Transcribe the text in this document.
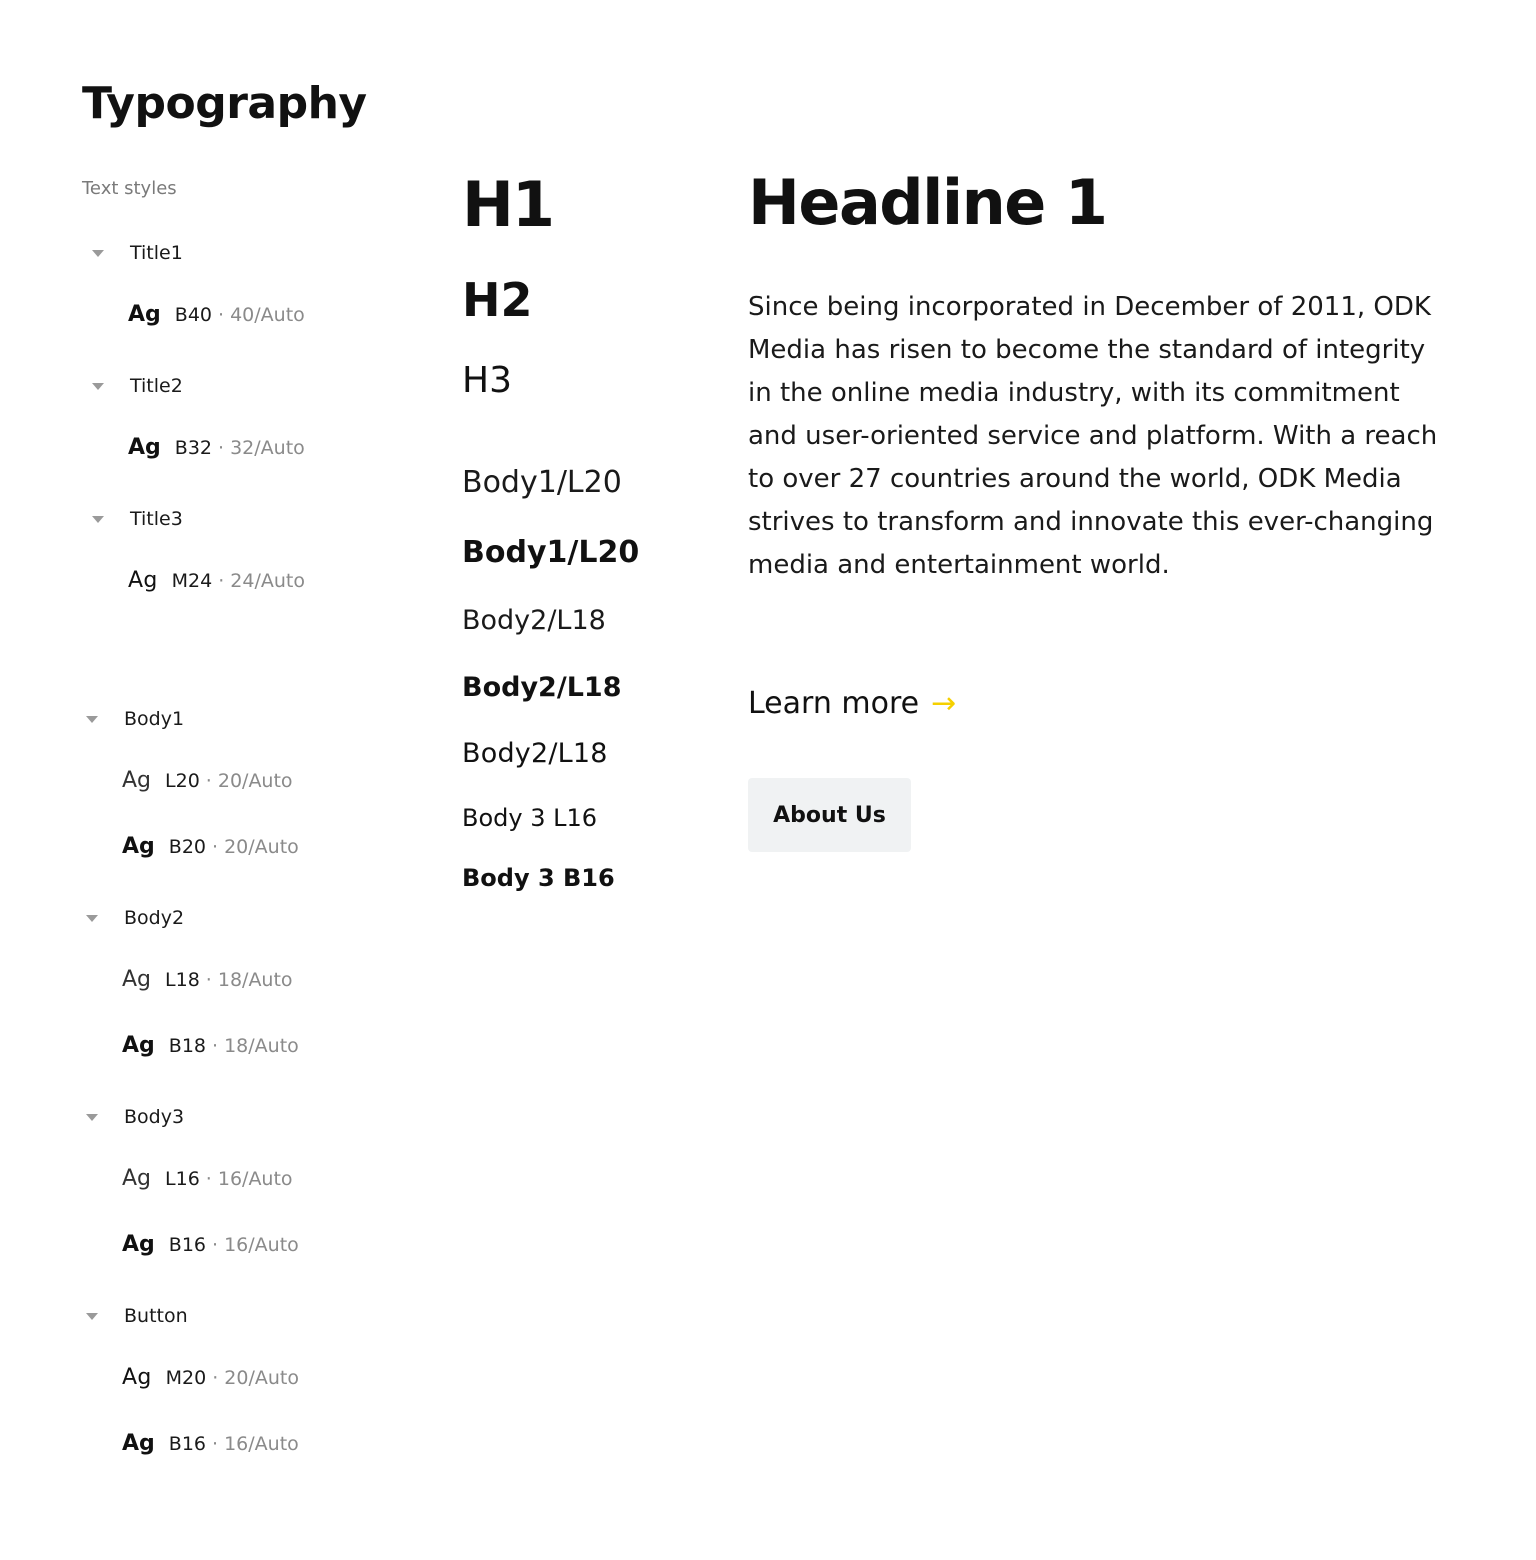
Typography
Text styles
Title1
Ag B40 · 40/Auto
Title2
Ag B32 · 32/Auto
Title3
Ag M24 · 24/Auto
Body1
Ag L20 · 20/Auto
Ag B20 · 20/Auto
Body2
Ag L18 · 18/Auto
Ag B18 · 18/Auto
Body3
Ag L16 · 16/Auto
Ag B16 · 16/Auto
Button
Ag M20 · 20/Auto
Ag B16 · 16/Auto
H1
H2
H3
Body1/L20
Body1/L20
Body2/L18
Body2/L18
Body2/L18
Body 3 L16
Body 3 B16
Headline 1

Since being incorporated in December of 2011, ODK Media has risen to become the standard of integrity in the online media industry, with its commitment and user-oriented service and platform. With a reach to over 27 countries around the world, ODK Media strives to transform and innovate this ever-changing media and entertainment world.

Learn more →
About Us
